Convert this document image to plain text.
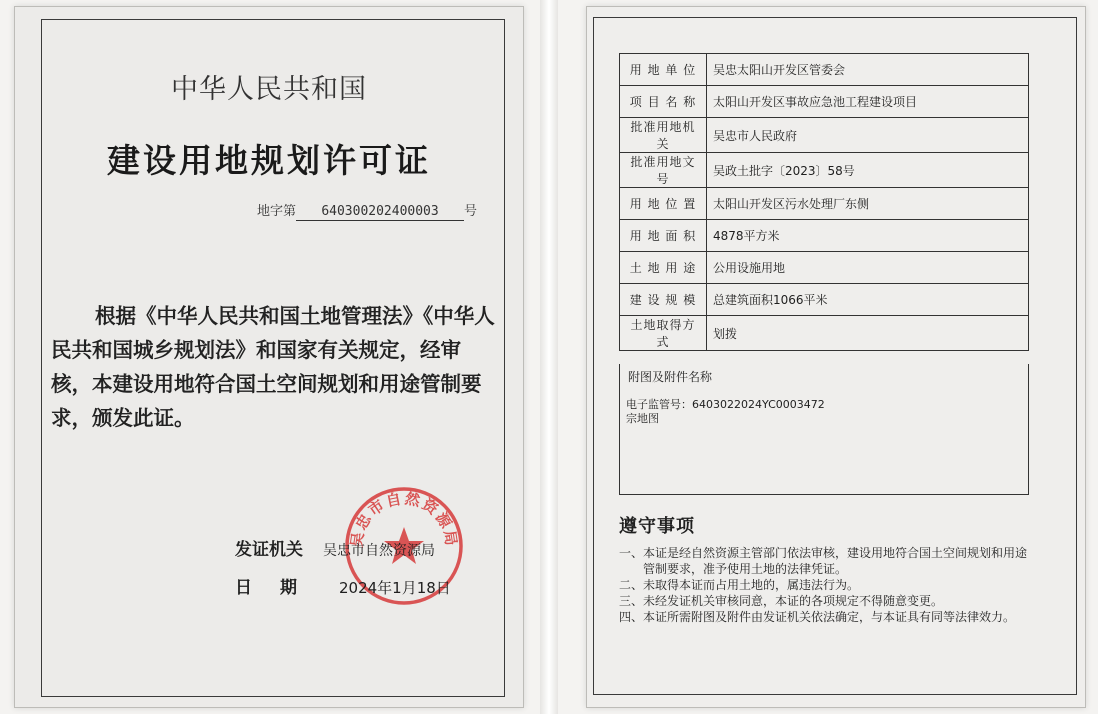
中华人民共和国
建设用地规划许可证
地字第 640300202400003 号
根据《中华人民共和国土地管理法》《中华人民共和国城乡规划法》和国家有关规定，经审核，本建设用地符合国土空间规划和用途管制要求，颁发此证。
吴忠市自然资源局
发证机关 吴忠市自然资源局
日期 2024年1月18日
用 地 单 位	吴忠太阳山开发区管委会
项 目 名 称	太阳山开发区事故应急池工程建设项目
批准用地机关	吴忠市人民政府
批准用地文号	吴政土批字〔2023〕58号
用 地 位 置	太阳山开发区污水处理厂东侧
用 地 面 积	4878平方米
土 地 用 途	公用设施用地
建 设 规 模	总建筑面积1066平米
土地取得方式	划拨
附图及附件名称
电子监管号：6403022024YC0003472
宗地图
遵守事项
一、本证是经自然资源主管部门依法审核，建设用地符合国土空间规划和用途管制要求，准予使用土地的法律凭证。
二、未取得本证而占用土地的，属违法行为。
三、未经发证机关审核同意，本证的各项规定不得随意变更。
四、本证所需附图及附件由发证机关依法确定，与本证具有同等法律效力。
